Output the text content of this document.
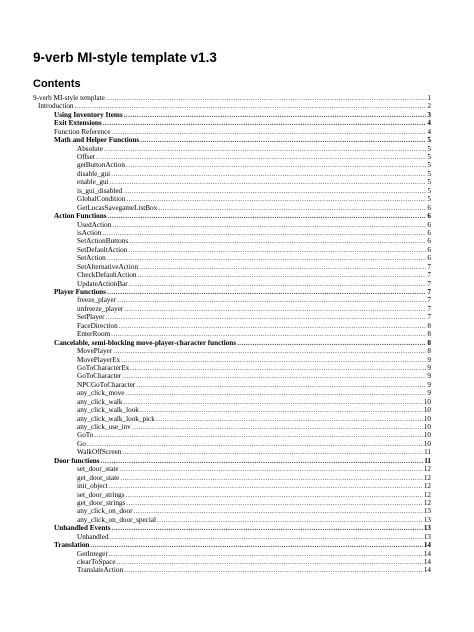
9-verb MI-style template v1.3
Contents
9-verb MI-style template .....	1
Introduction .....	2
Using Inventory Items .....	3
Exit Extensions .....	4
Function Reference .....	4
Math and Helper Functions .....	5
Absolute .....	5
Offset .....	5
getButtonAction .....	5
disable_gui .....	5
enable_gui .....	5
is_gui_disabled .....	5
GlobalCondition .....	5
GetLucasSavegameListBox .....	6
Action Functions .....	6
UsedAction .....	6
isAction .....	6
SetActionButtons .....	6
SetDefaultAction .....	6
SetAction .....	6
SetAlternativeAction .....	7
CheckDefaultAction .....	7
UpdateActionBar .....	7
Player Functions .....	7
freeze_player .....	7
unfreeze_player .....	7
SetPlayer .....	7
FaceDirection .....	8
EnterRoom .....	8
Cancelable, semi-blocking move-player-character functions .....	8
MovePlayer .....	8
MovePlayerEx .....	9
GoToCharacterEx .....	9
GoToCharacter .....	9
NPCGoToCharacter .....	9
any_click_move .....	9
any_click_walk .....	10
any_click_walk_look .....	10
any_click_walk_look_pick .....	10
any_click_use_inv .....	10
GoTo .....	10
Go .....	10
WalkOffScreen .....	11
Door functions .....	11
set_door_state .....	12
get_door_state .....	12
init_object .....	12
set_door_strings .....	12
get_door_strings .....	12
any_click_on_door .....	13
any_click_on_door_special .....	13
Unhandled Events .....	13
Unhandled .....	13
Translation .....	14
GetInteger .....	14
clearToSpace .....	14
TranslateAction .....	14
